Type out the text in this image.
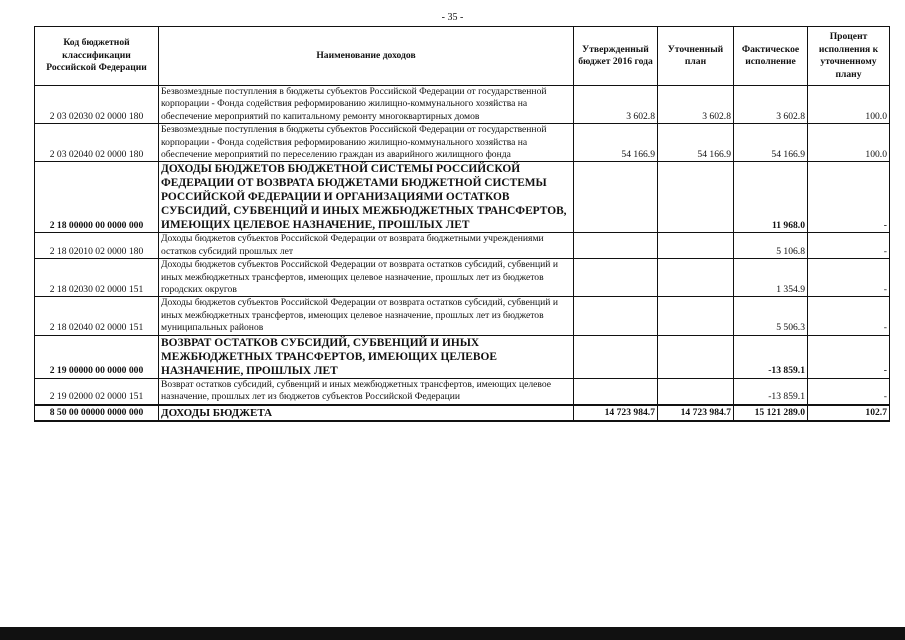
- 35 -
Код бюджетной классификации Российской Федерации	Наименование доходов	Утвержденный бюджет 2016 года	Уточненный план	Фактическое исполнение	Процент исполнения к уточненному плану
2 03 02030 02 0000 180	Безвозмездные поступления в бюджеты субъектов Российской Федерации от государственной корпорации - Фонда содействия реформированию жилищно-коммунального хозяйства на обеспечение мероприятий по капитальному ремонту многоквартирных домов	3 602.8	3 602.8	3 602.8	100.0
2 03 02040 02 0000 180	Безвозмездные поступления в бюджеты субъектов Российской Федерации от государственной корпорации - Фонда содействия реформированию жилищно-коммунального хозяйства на обеспечение мероприятий по переселению граждан из аварийного жилищного фонда	54 166.9	54 166.9	54 166.9	100.0
2 18 00000 00 0000 000	ДОХОДЫ БЮДЖЕТОВ БЮДЖЕТНОЙ СИСТЕМЫ РОССИЙСКОЙ ФЕДЕРАЦИИ ОТ ВОЗВРАТА БЮДЖЕТАМИ БЮДЖЕТНОЙ СИСТЕМЫ РОССИЙСКОЙ ФЕДЕРАЦИИ И ОРГАНИЗАЦИЯМИ ОСТАТКОВ СУБСИДИЙ, СУБВЕНЦИЙ И ИНЫХ МЕЖБЮДЖЕТНЫХ ТРАНСФЕРТОВ, ИМЕЮЩИХ ЦЕЛЕВОЕ НАЗНАЧЕНИЕ, ПРОШЛЫХ ЛЕТ			11 968.0	-
2 18 02010 02 0000 180	Доходы бюджетов субъектов Российской Федерации от возврата бюджетными учреждениями остатков субсидий прошлых лет			5 106.8	-
2 18 02030 02 0000 151	Доходы бюджетов субъектов Российской Федерации от возврата остатков субсидий, субвенций и иных межбюджетных трансфертов, имеющих целевое назначение, прошлых лет из бюджетов городских округов			1 354.9	-
2 18 02040 02 0000 151	Доходы бюджетов субъектов Российской Федерации от возврата остатков субсидий, субвенций и иных межбюджетных трансфертов, имеющих целевое назначение, прошлых лет из бюджетов муниципальных районов			5 506.3	-
2 19 00000 00 0000 000	ВОЗВРАТ ОСТАТКОВ СУБСИДИЙ, СУБВЕНЦИЙ И ИНЫХ МЕЖБЮДЖЕТНЫХ ТРАНСФЕРТОВ, ИМЕЮЩИХ ЦЕЛЕВОЕ НАЗНАЧЕНИЕ, ПРОШЛЫХ ЛЕТ			-13 859.1	-
2 19 02000 02 0000 151	Возврат остатков субсидий, субвенций и иных межбюджетных трансфертов, имеющих целевое назначение, прошлых лет из бюджетов субъектов Российской Федерации			-13 859.1	-
8 50 00 00000 0000 000	ДОХОДЫ БЮДЖЕТА	14 723 984.7	14 723 984.7	15 121 289.0	102.7
